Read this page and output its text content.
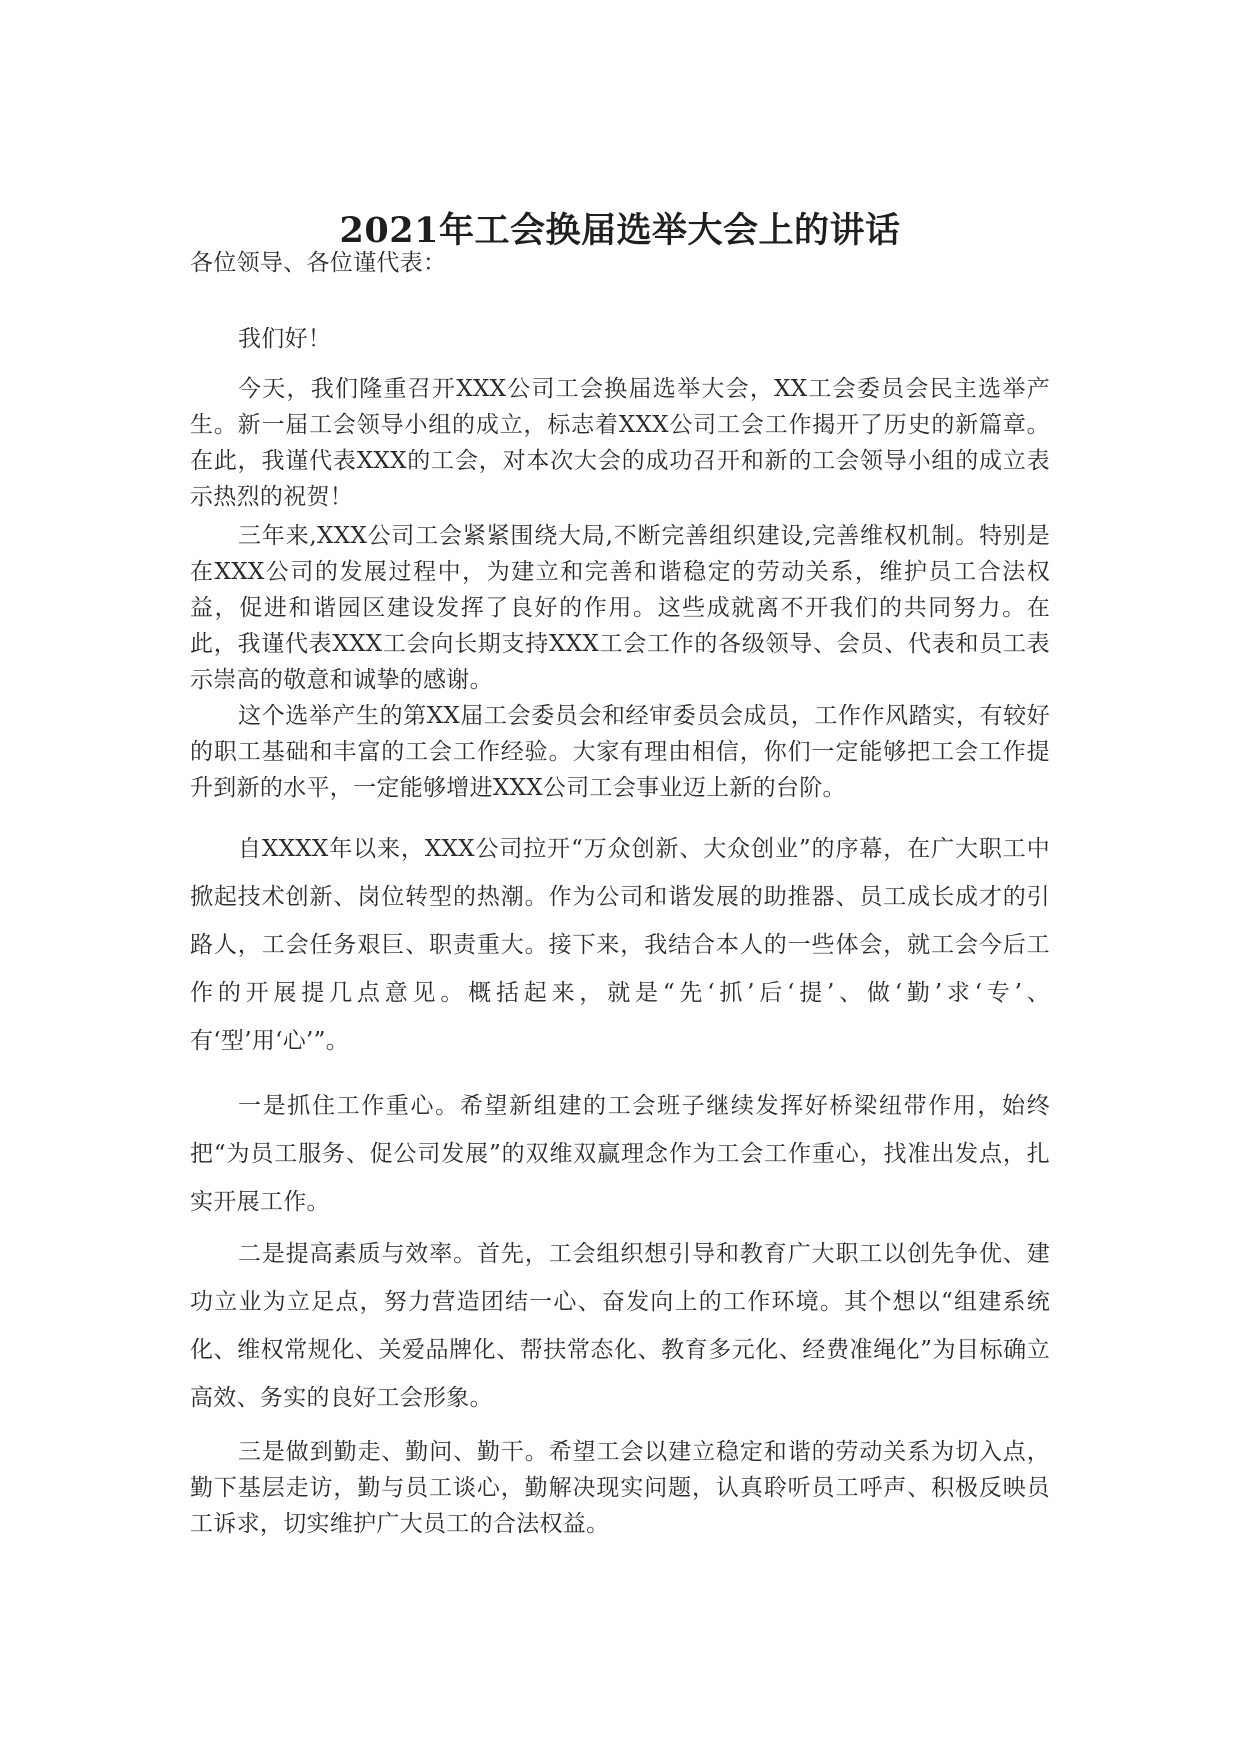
2021年工会换届选举大会上的讲话
各位领导、各位谨代表：
我们好！
今天，我们隆重召开XXX公司工会换届选举大会，XX工会委员会民主选举产生。新一届工会领导小组的成立，标志着XXX公司工会工作揭开了历史的新篇章。在此，我谨代表XXX的工会，对本次大会的成功召开和新的工会领导小组的成立表示热烈的祝贺！
三年来,XXX公司工会紧紧围绕大局,不断完善组织建设,完善维权机制。特别是在XXX公司的发展过程中，为建立和完善和谐稳定的劳动关系，维护员工合法权益，促进和谐园区建设发挥了良好的作用。这些成就离不开我们的共同努力。在此，我谨代表XXX工会向长期支持XXX工会工作的各级领导、会员、代表和员工表示崇高的敬意和诚挚的感谢。
这个选举产生的第XX届工会委员会和经审委员会成员，工作作风踏实，有较好的职工基础和丰富的工会工作经验。大家有理由相信，你们一定能够把工会工作提升到新的水平，一定能够增进XXX公司工会事业迈上新的台阶。
自XXXX年以来，XXX公司拉开“万众创新、大众创业”的序幕，在广大职工中掀起技术创新、岗位转型的热潮。作为公司和谐发展的助推器、员工成长成才的引路人，工会任务艰巨、职责重大。接下来，我结合本人的一些体会，就工会今后工作的开展提几点意见。概括起来，就是“先‘抓’后‘提’、做‘勤’求‘专’、有‘型’用‘心’”。
一是抓住工作重心。希望新组建的工会班子继续发挥好桥梁纽带作用，始终把“为员工服务、促公司发展”的双维双赢理念作为工会工作重心，找准出发点，扎实开展工作。
二是提高素质与效率。首先，工会组织想引导和教育广大职工以创先争优、建功立业为立足点，努力营造团结一心、奋发向上的工作环境。其个想以“组建系统化、维权常规化、关爱品牌化、帮扶常态化、教育多元化、经费准绳化”为目标确立高效、务实的良好工会形象。
三是做到勤走、勤问、勤干。希望工会以建立稳定和谐的劳动关系为切入点，勤下基层走访，勤与员工谈心，勤解决现实问题，认真聆听员工呼声、积极反映员工诉求，切实维护广大员工的合法权益。
